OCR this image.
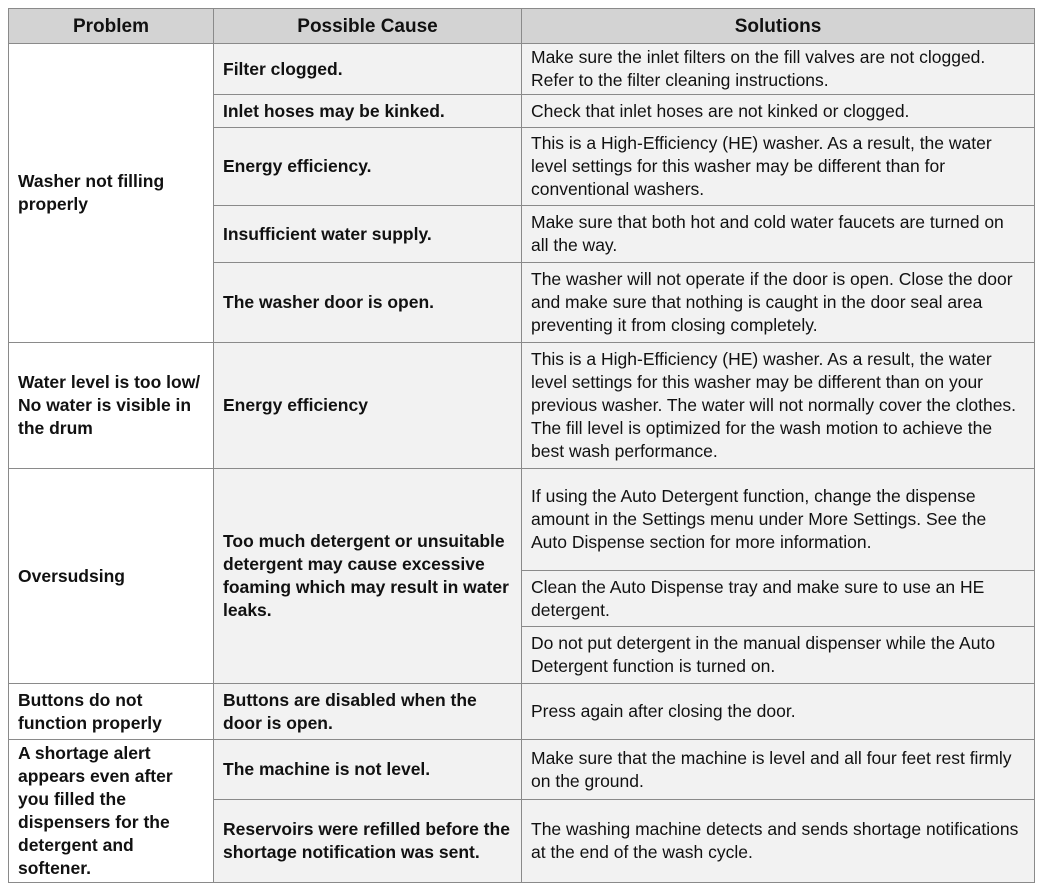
Problem	Possible Cause	Solutions
Washer not filling properly	Filter clogged.	Make sure the inlet filters on the fill valves are not clogged. Refer to the filter cleaning instructions.
	Inlet hoses may be kinked.	Check that inlet hoses are not kinked or clogged.
	Energy efficiency.	This is a High-Efficiency (HE) washer. As a result, the water level settings for this washer may be different than for conventional washers.
	Insufficient water supply.	Make sure that both hot and cold water faucets are turned on all the way.
	The washer door is open.	The washer will not operate if the door is open. Close the door and make sure that nothing is caught in the door seal area preventing it from closing completely.
Water level is too low/ No water is visible in the drum	Energy efficiency	This is a High-Efficiency (HE) washer. As a result, the water level settings for this washer may be different than on your previous washer. The water will not normally cover the clothes. The fill level is optimized for the wash motion to achieve the best wash performance.
Oversudsing	Too much detergent or unsuitable detergent may cause excessive foaming which may result in water leaks.	If using the Auto Detergent function, change the dispense amount in the Settings menu under More Settings. See the Auto Dispense section for more information.
		Clean the Auto Dispense tray and make sure to use an HE detergent.
		Do not put detergent in the manual dispenser while the Auto Detergent function is turned on.
Buttons do not function properly	Buttons are disabled when the door is open.	Press again after closing the door.
A shortage alert appears even after you filled the dispensers for the detergent and softener.	The machine is not level.	Make sure that the machine is level and all four feet rest firmly on the ground.
	Reservoirs were refilled before the shortage notification was sent.	The washing machine detects and sends shortage notifications at the end of the wash cycle.
